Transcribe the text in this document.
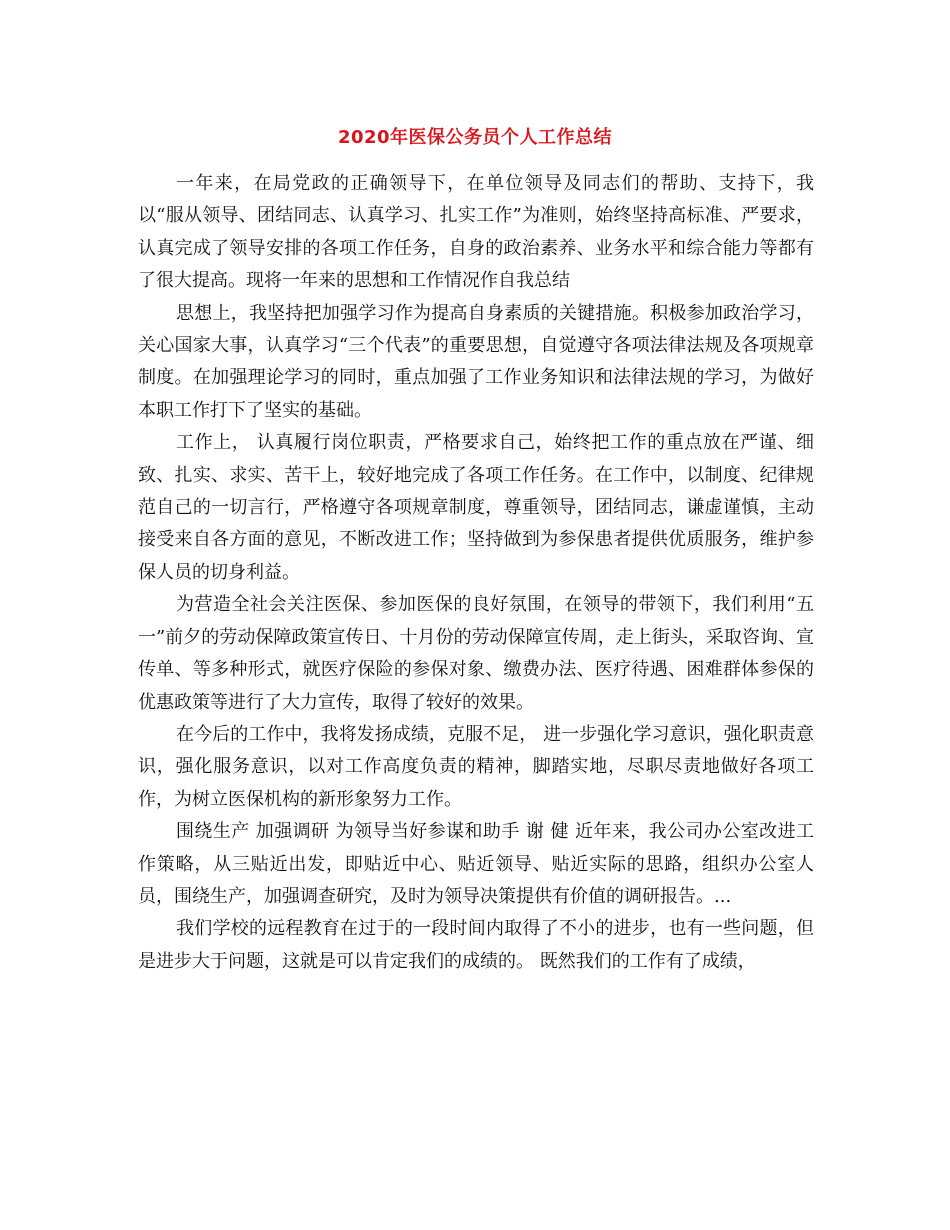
2020年医保公务员个人工作总结

一年来，在局党政的正确领导下，在单位领导及同志们的帮助、支持下，我以“服从领导、团结同志、认真学习、扎实工作”为准则，始终坚持高标准、严要求，认真完成了领导安排的各项工作任务，自身的政治素养、业务水平和综合能力等都有了很大提高。现将一年来的思想和工作情况作自我总结

思想上，我坚持把加强学习作为提高自身素质的关键措施。积极参加政治学习，关心国家大事，认真学习“三个代表”的重要思想，自觉遵守各项法律法规及各项规章制度。在加强理论学习的同时，重点加强了工作业务知识和法律法规的学习，为做好本职工作打下了坚实的基础。

工作上， 认真履行岗位职责，严格要求自己，始终把工作的重点放在严谨、细致、扎实、求实、苦干上，较好地完成了各项工作任务。在工作中，以制度、纪律规范自己的一切言行，严格遵守各项规章制度，尊重领导，团结同志，谦虚谨慎，主动接受来自各方面的意见，不断改进工作；坚持做到为参保患者提供优质服务，维护参保人员的切身利益。

为营造全社会关注医保、参加医保的良好氛围，在领导的带领下，我们利用“五一”前夕的劳动保障政策宣传日、十月份的劳动保障宣传周，走上街头，采取咨询、宣传单、等多种形式，就医疗保险的参保对象、缴费办法、医疗待遇、困难群体参保的优惠政策等进行了大力宣传，取得了较好的效果。

在今后的工作中，我将发扬成绩，克服不足， 进一步强化学习意识，强化职责意识，强化服务意识，以对工作高度负责的精神，脚踏实地，尽职尽责地做好各项工作，为树立医保机构的新形象努力工作。

围绕生产 加强调研 为领导当好参谋和助手 谢 健 近年来，我公司办公室改进工作策略，从三贴近出发，即贴近中心、贴近领导、贴近实际的思路，组织办公室人员，围绕生产，加强调查研究，及时为领导决策提供有价值的调研报告。...

我们学校的远程教育在过于的一段时间内取得了不小的进步，也有一些问题，但是进步大于问题，这就是可以肯定我们的成绩的。 既然我们的工作有了成绩，
